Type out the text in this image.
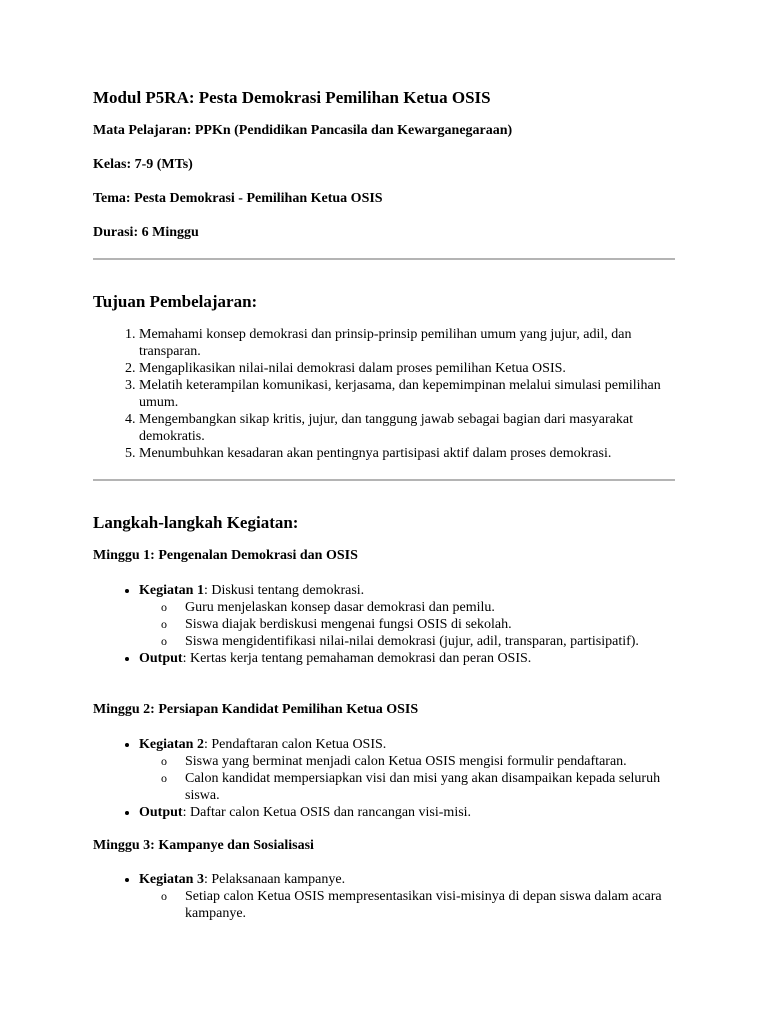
Modul P5RA: Pesta Demokrasi Pemilihan Ketua OSIS

Mata Pelajaran: PPKn (Pendidikan Pancasila dan Kewarganegaraan)

Kelas: 7-9 (MTs)

Tema: Pesta Demokrasi - Pemilihan Ketua OSIS

Durasi: 6 Minggu

Tujuan Pembelajaran:
1. Memahami konsep demokrasi dan prinsip-prinsip pemilihan umum yang jujur, adil, dan transparan.
2. Mengaplikasikan nilai-nilai demokrasi dalam proses pemilihan Ketua OSIS.
3. Melatih keterampilan komunikasi, kerjasama, dan kepemimpinan melalui simulasi pemilihan umum.
4. Mengembangkan sikap kritis, jujur, dan tanggung jawab sebagai bagian dari masyarakat demokratis.
5. Menumbuhkan kesadaran akan pentingnya partisipasi aktif dalam proses demokrasi.
Langkah-langkah Kegiatan:
Minggu 1: Pengenalan Demokrasi dan OSIS
• Kegiatan 1: Diskusi tentang demokrasi.
o Guru menjelaskan konsep dasar demokrasi dan pemilu.
o Siswa diajak berdiskusi mengenai fungsi OSIS di sekolah.
o Siswa mengidentifikasi nilai-nilai demokrasi (jujur, adil, transparan, partisipatif).
• Output: Kertas kerja tentang pemahaman demokrasi dan peran OSIS.
Minggu 2: Persiapan Kandidat Pemilihan Ketua OSIS
• Kegiatan 2: Pendaftaran calon Ketua OSIS.
o Siswa yang berminat menjadi calon Ketua OSIS mengisi formulir pendaftaran.
o Calon kandidat mempersiapkan visi dan misi yang akan disampaikan kepada seluruh siswa.
• Output: Daftar calon Ketua OSIS dan rancangan visi-misi.
Minggu 3: Kampanye dan Sosialisasi
• Kegiatan 3: Pelaksanaan kampanye.
o Setiap calon Ketua OSIS mempresentasikan visi-misinya di depan siswa dalam acara kampanye.
